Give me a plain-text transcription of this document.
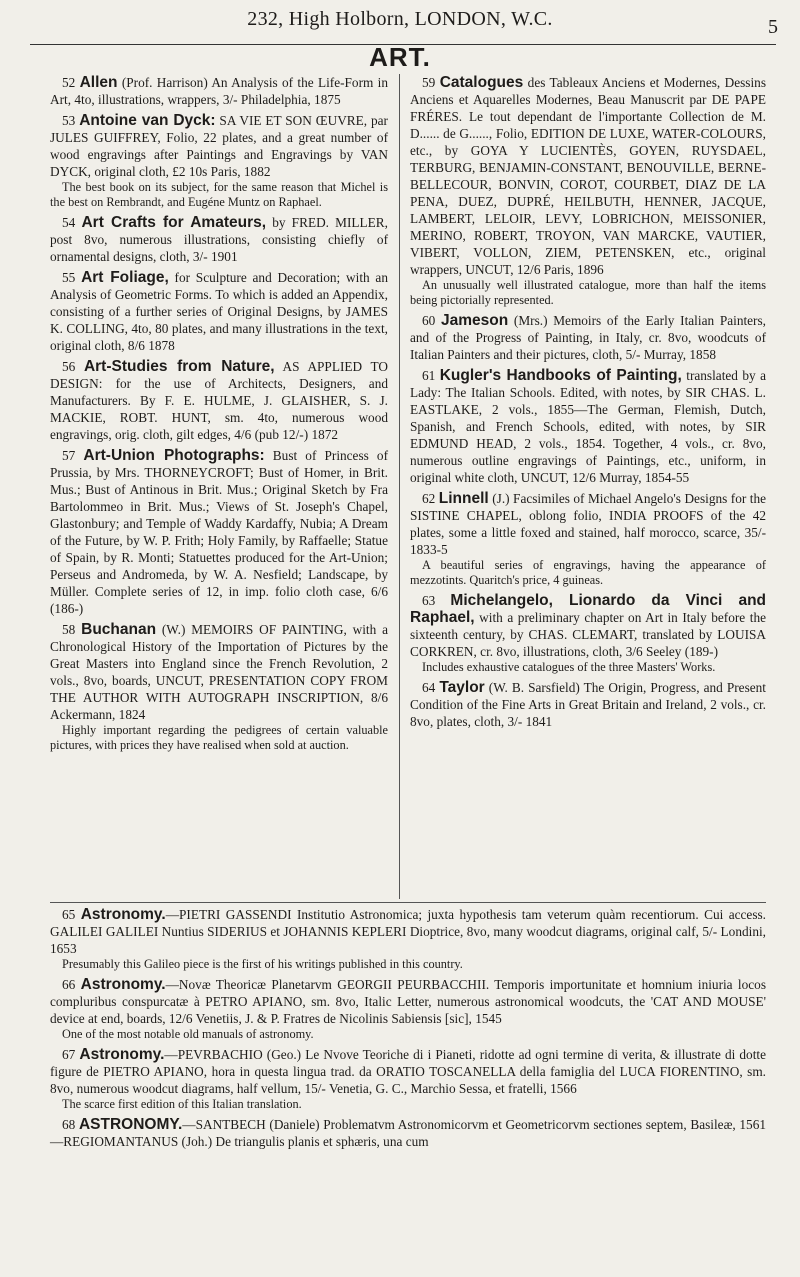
232, High Holborn, LONDON, W.C.	5
ART.

52 Allen (Prof. Harrison) An Analysis of the Life-Form in Art, 4to, illustrations, wrappers, 3/- Philadelphia, 1875

53 Antoine van Dyck: SA VIE ET SON ŒUVRE, par JULES GUIFFREY, Folio, 22 plates, and a great number of wood engravings after Paintings and Engravings by VAN DYCK, original cloth, £2 10s Paris, 1882

The best book on its subject, for the same reason that Michel is the best on Rembrandt, and Eugéne Muntz on Raphael.

54 Art Crafts for Amateurs, by FRED. MILLER, post 8vo, numerous illustrations, consisting chiefly of ornamental designs, cloth, 3/- 1901

55 Art Foliage, for Sculpture and Decoration; with an Analysis of Geometric Forms. To which is added an Appendix, consisting of a further series of Original Designs, by JAMES K. COLLING, 4to, 80 plates, and many illustrations in the text, original cloth, 8/6 1878

56 Art-Studies from Nature, AS APPLIED TO DESIGN: for the use of Architects, Designers, and Manufacturers. By F. E. HULME, J. GLAISHER, S. J. MACKIE, ROBT. HUNT, sm. 4to, numerous wood engravings, orig. cloth, gilt edges, 4/6 (pub 12/-) 1872

57 Art-Union Photographs: Bust of Princess of Prussia, by Mrs. THORNEYCROFT; Bust of Homer, in Brit. Mus.; Bust of Antinous in Brit. Mus.; Original Sketch by Fra Bartolommeo in Brit. Mus.; Views of St. Joseph's Chapel, Glastonbury; and Temple of Waddy Kardaffy, Nubia; A Dream of the Future, by W. P. Frith; Holy Family, by Raffaelle; Statue of Spain, by R. Monti; Statuettes produced for the Art-Union; Perseus and Andromeda, by W. A. Nesfield; Landscape, by Müller. Complete series of 12, in imp. folio cloth case, 6/6 (186-)

58 Buchanan (W.) MEMOIRS OF PAINTING, with a Chronological History of the Importation of Pictures by the Great Masters into England since the French Revolution, 2 vols., 8vo, boards, UNCUT, PRESENTATION COPY FROM THE AUTHOR WITH AUTOGRAPH INSCRIPTION, 8/6 Ackermann, 1824

Highly important regarding the pedigrees of certain valuable pictures, with prices they have realised when sold at auction.

59 Catalogues des Tableaux Anciens et Modernes, Dessins Anciens et Aquarelles Modernes, Beau Manuscrit par DE PAPE FRÉRES. Le tout dependant de l'importante Collection de M. D...... de G......, Folio, EDITION DE LUXE, WATER-COLOURS, etc., by GOYA Y LUCIENTÈS, GOYEN, RUYSDAEL, TERBURG, BENJAMIN-CONSTANT, BENOUVILLE, BERNE-BELLECOUR, BONVIN, COROT, COURBET, DIAZ DE LA PENA, DUEZ, DUPRÉ, HEILBUTH, HENNER, JACQUE, LAMBERT, LELOIR, LEVY, LOBRICHON, MEISSONIER, MERINO, ROBERT, TROYON, VAN MARCKE, VAUTIER, VIBERT, VOLLON, ZIEM, PETENSKEN, etc., original wrappers, UNCUT, 12/6 Paris, 1896

An unusually well illustrated catalogue, more than half the items being pictorially represented.

60 Jameson (Mrs.) Memoirs of the Early Italian Painters, and of the Progress of Painting, in Italy, cr. 8vo, woodcuts of Italian Painters and their pictures, cloth, 5/- Murray, 1858

61 Kugler's Handbooks of Painting, translated by a Lady: The Italian Schools. Edited, with notes, by SIR CHAS. L. EASTLAKE, 2 vols., 1855—The German, Flemish, Dutch, Spanish, and French Schools, edited, with notes, by SIR EDMUND HEAD, 2 vols., 1854. Together, 4 vols., cr. 8vo, numerous outline engravings of Paintings, etc., uniform, in original white cloth, UNCUT, 12/6 Murray, 1854-55

62 Linnell (J.) Facsimiles of Michael Angelo's Designs for the SISTINE CHAPEL, oblong folio, INDIA PROOFS of the 42 plates, some a little foxed and stained, half morocco, scarce, 35/- 1833-5

A beautiful series of engravings, having the appearance of mezzotints. Quaritch's price, 4 guineas.

63 Michelangelo, Lionardo da Vinci and Raphael, with a preliminary chapter on Art in Italy before the sixteenth century, by CHAS. CLEMART, translated by LOUISA CORKREN, cr. 8vo, illustrations, cloth, 3/6 Seeley (189-)

Includes exhaustive catalogues of the three Masters' Works.

64 Taylor (W. B. Sarsfield) The Origin, Progress, and Present Condition of the Fine Arts in Great Britain and Ireland, 2 vols., cr. 8vo, plates, cloth, 3/- 1841

65 Astronomy.—PIETRI GASSENDI Institutio Astronomica; juxta hypothesis tam veterum quàm recentiorum. Cui access. GALILEI GALILEI Nuntius SIDERIUS et JOHANNIS KEPLERI Dioptrice, 8vo, many woodcut diagrams, original calf, 5/- Londini, 1653

Presumably this Galileo piece is the first of his writings published in this country.

66 Astronomy.—Novæ Theoricæ Planetarvm GEORGII PEURBACCHII. Temporis importunitate et homnium iniuria locos compluribus conspurcatæ à PETRO APIANO, sm. 8vo, Italic Letter, numerous astronomical woodcuts, the 'CAT AND MOUSE' device at end, boards, 12/6 Venetiis, J. & P. Fratres de Nicolinis Sabiensis [sic], 1545

One of the most notable old manuals of astronomy.

67 Astronomy.—PEVRBACHIO (Geo.) Le Nvove Teoriche di i Pianeti, ridotte ad ogni termine di verita, & illustrate di dotte figure de PIETRO APIANO, hora in questa lingua trad. da ORATIO TOSCANELLA della famiglia del LUCA FIORENTINO, sm. 8vo, numerous woodcut diagrams, half vellum, 15/- Venetia, G. C., Marchio Sessa, et fratelli, 1566

The scarce first edition of this Italian translation.

68 ASTRONOMY.—SANTBECH (Daniele) Problematvm Astronomicorvm et Geometricorvm sectiones septem, Basileæ, 1561—REGIOMANTANUS (Joh.) De triangulis planis et sphæris, una cum
